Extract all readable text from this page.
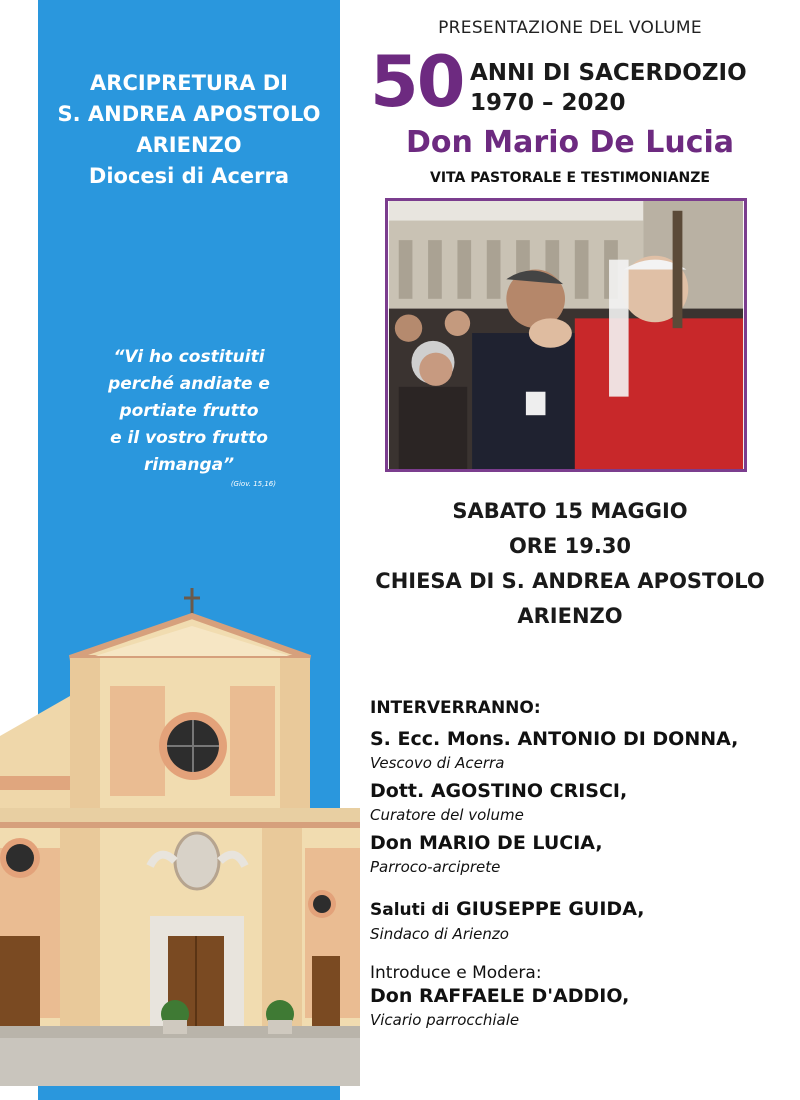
ARCIPRETURA DI
S. ANDREA APOSTOLO
ARIENZO
Diocesi di Acerra
“Vi ho costituiti
perché andiate e
portiate frutto
e il vostro frutto
rimanga”
(Giov. 15,16)
PRESENTAZIONE DEL VOLUME
50 ANNI DI SACERDOZIO
1970 – 2020
Don Mario De Lucia
VITA PASTORALE E TESTIMONIANZE
SABATO 15 MAGGIO
ORE 19.30
CHIESA DI S. ANDREA APOSTOLO
ARIENZO
INTERVERRANNO:
S. Ecc. Mons. ANTONIO DI DONNA,
Vescovo di Acerra
Dott. AGOSTINO CRISCI,
Curatore del volume
Don MARIO DE LUCIA,
Parroco-arciprete
Saluti di GIUSEPPE GUIDA,
Sindaco di Arienzo
Introduce e Modera:
Don RAFFAELE D'ADDIO,
Vicario parrocchiale
